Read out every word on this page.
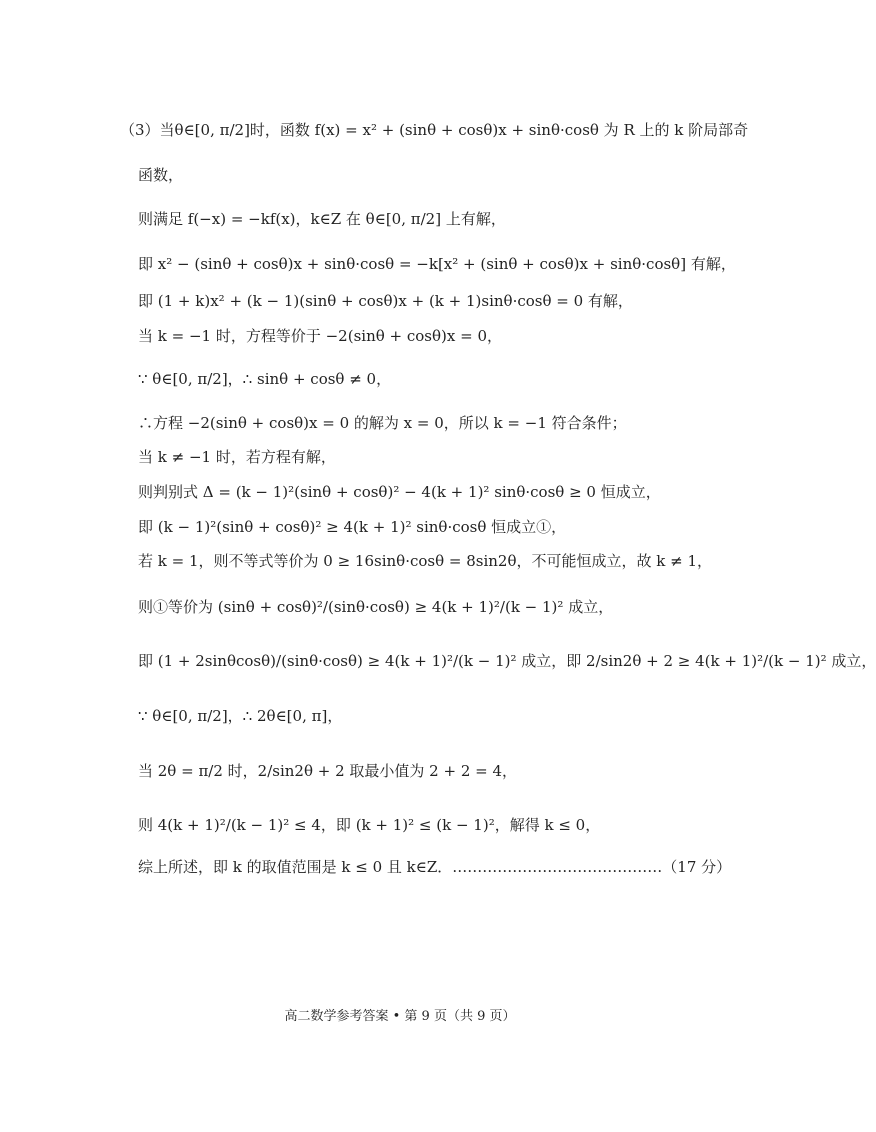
（3）当θ∈[0, π/2]时，函数 f(x) = x² + (sinθ + cosθ)x + sinθ·cosθ 为 R 上的 k 阶局部奇
函数，
则满足 f(−x) = −kf(x)，k∈Z 在 θ∈[0, π/2] 上有解，
即 x² − (sinθ + cosθ)x + sinθ·cosθ = −k[x² + (sinθ + cosθ)x + sinθ·cosθ] 有解，
即 (1 + k)x² + (k − 1)(sinθ + cosθ)x + (k + 1)sinθ·cosθ = 0 有解，
当 k = −1 时，方程等价于 −2(sinθ + cosθ)x = 0，
∵ θ∈[0, π/2]，∴ sinθ + cosθ ≠ 0，
∴方程 −2(sinθ + cosθ)x = 0 的解为 x = 0，所以 k = −1 符合条件；
当 k ≠ −1 时，若方程有解，
则判别式 Δ = (k − 1)²(sinθ + cosθ)² − 4(k + 1)² sinθ·cosθ ≥ 0 恒成立，
即 (k − 1)²(sinθ + cosθ)² ≥ 4(k + 1)² sinθ·cosθ 恒成立①，
若 k = 1，则不等式等价为 0 ≥ 16sinθ·cosθ = 8sin2θ，不可能恒成立，故 k ≠ 1，
则①等价为 (sinθ + cosθ)²/(sinθ·cosθ) ≥ 4(k + 1)²/(k − 1)² 成立，
即 (1 + 2sinθcosθ)/(sinθ·cosθ) ≥ 4(k + 1)²/(k − 1)² 成立，即 2/sin2θ + 2 ≥ 4(k + 1)²/(k − 1)² 成立，
∵ θ∈[0, π/2]，∴ 2θ∈[0, π]，
当 2θ = π/2 时，2/sin2θ + 2 取最小值为 2 + 2 = 4，
则 4(k + 1)²/(k − 1)² ≤ 4，即 (k + 1)² ≤ (k − 1)²，解得 k ≤ 0，
综上所述，即 k 的取值范围是 k ≤ 0 且 k∈Z．……………………………………（17 分）
高二数学参考答案 • 第 9 页（共 9 页）
